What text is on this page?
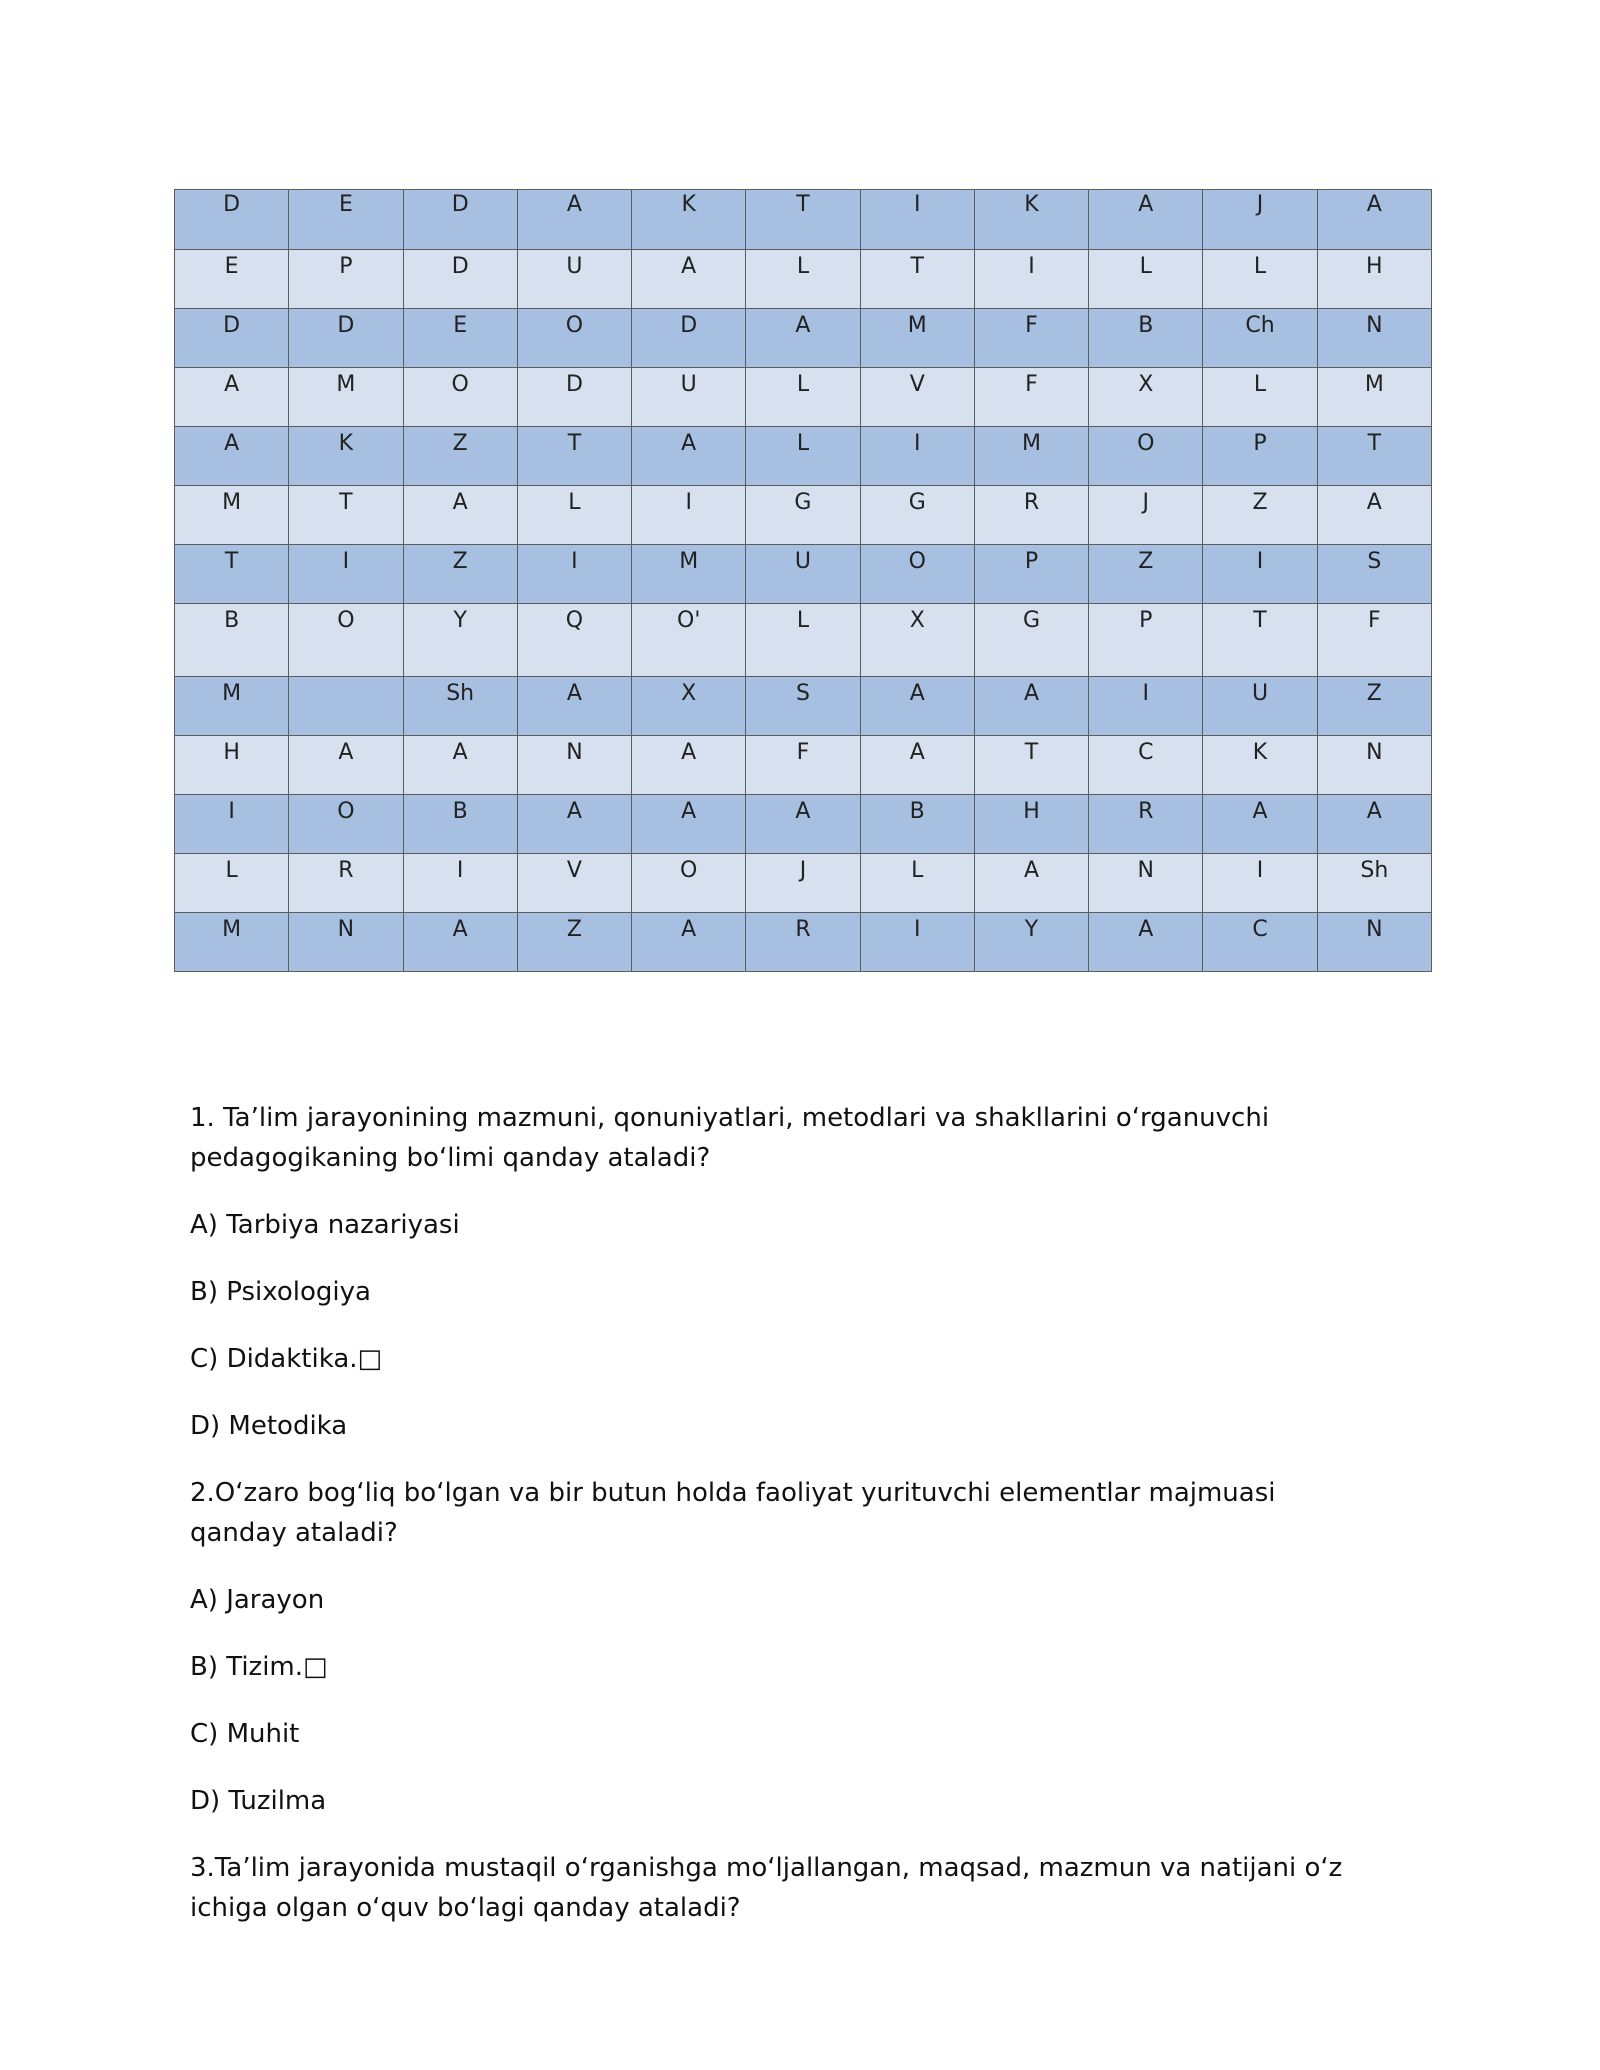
D	E	D	A	K	T	I	K	A	J	A
E	P	D	U	A	L	T	I	L	L	H
D	D	E	O	D	A	M	F	B	Ch	N
A	M	O	D	U	L	V	F	X	L	M
A	K	Z	T	A	L	I	M	O	P	T
M	T	A	L	I	G	G	R	J	Z	A
T	I	Z	I	M	U	O	P	Z	I	S
B	O	Y	Q	O'	L	X	G	P	T	F
M		Sh	A	X	S	A	A	I	U	Z
H	A	A	N	A	F	A	T	C	K	N
I	O	B	A	A	A	B	H	R	A	A
L	R	I	V	O	J	L	A	N	I	Sh
M	N	A	Z	A	R	I	Y	A	C	N

1. Ta’lim jarayonining mazmuni, qonuniyatlari, metodlari va shakllarini o‘rganuvchi pedagogikaning bo‘limi qanday ataladi?

A) Tarbiya nazariyasi

B) Psixologiya

C) Didaktika.□

D) Metodika

2.O‘zaro bog‘liq bo‘lgan va bir butun holda faoliyat yurituvchi elementlar majmuasi qanday ataladi?

A) Jarayon

B) Tizim.□

C) Muhit

D) Tuzilma

3.Ta’lim jarayonida mustaqil o‘rganishga mo‘ljallangan, maqsad, mazmun va natijani o‘z ichiga olgan o‘quv bo‘lagi qanday ataladi?
